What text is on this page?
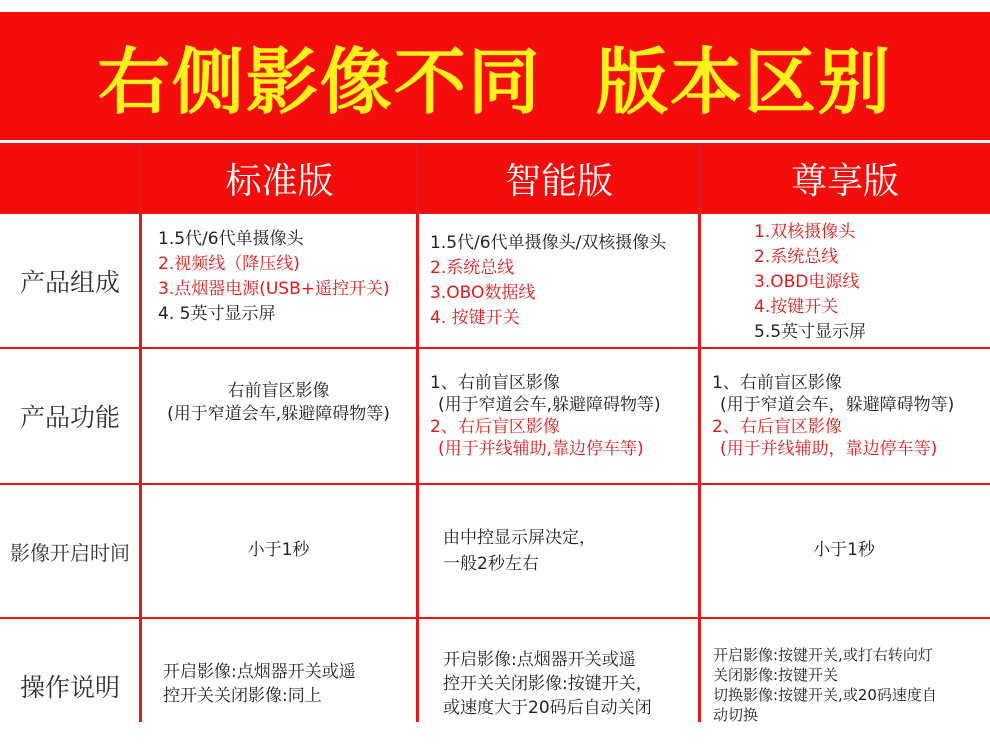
右侧影像不同  版本区别
标准版	智能版	尊享版
产品组成
产品功能
影像开启时间
操作说明
1.5代/6代单摄像头
2.视频线（降压线)
3.点烟器电源(USB+遥控开关)
4. 5英寸显示屏
1.5代/6代单摄像头/双核摄像头
2.系统总线
3.OBO数据线
4. 按键开关
1.双核摄像头
2.系统总线
3.OBD电源线
4.按键开关
5.5英寸显示屏
右前盲区影像
(用于窄道会车,躲避障碍物等)
1、右前盲区影像
(用于窄道会车,躲避障碍物等)
2、右后盲区影像
(用于并线辅助,靠边停车等)
1、右前盲区影像
(用于窄道会车，躲避障碍物等)
2、右后盲区影像
(用于并线辅助，靠边停车等)
小于1秒
由中控显示屏决定，
一般2秒左右
小于1秒
开启影像:点烟器开关或遥
控开关关闭影像:同上
开启影像:点烟器开关或遥
控开关关闭影像:按键开关，
或速度大于20码后自动关闭
开启影像:按键开关,或打右转向灯
关闭影像:按键开关
切换影像:按键开关,或20码速度自
动切换
